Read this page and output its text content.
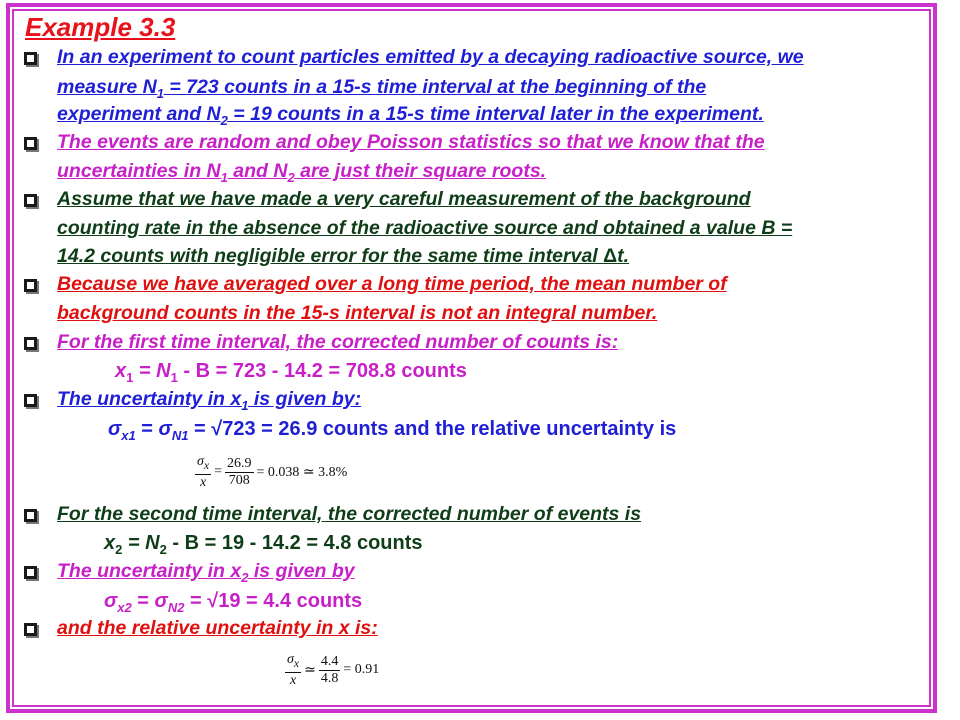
Example 3.3
In an experiment to count particles emitted by a decaying radioactive source, we
measure $N_1 = 723$ counts in a 15-s time interval at the beginning of the
experiment and $N_2 = 19$ counts in a 15-s time interval later in the experiment.
The events are random and obey Poisson statistics so that we know that the
uncertainties in $N_1$ and $N_2$ are just their square roots.
Assume that we have made a very careful measurement of the background
counting rate in the absence of the radioactive source and obtained a value B =
14.2 counts with negligible error for the same time interval Δt.
Because we have averaged over a long time period, the mean number of
background counts in the 15-s interval is not an integral number.
For the first time interval, the corrected number of counts is:
$x_1 = N_1 - B = 723 - 14.2 = 708.8$ counts
The uncertainty in $x_1$ is given by:
$\sigma_{x1} = \sigma_{N1} = √723 = 26.9$ counts and the relative uncertainty is
$\frac{\sigma_x}{x} = \frac{26.9}{708} = 0.038$ ≃ 3.8%
For the second time interval, the corrected number of events is
$x_2 = N_2 - B = 19 - 14.2 = 4.8$ counts
The uncertainty in $x_2$ is given by
$\sigma_{x2} = \sigma_{N2} = √19 = 4.4$ counts
and the relative uncertainty in x is:
$\frac{\sigma_x}{x}$ ≃ $\frac{4.4}{4.8} = 0.91$
